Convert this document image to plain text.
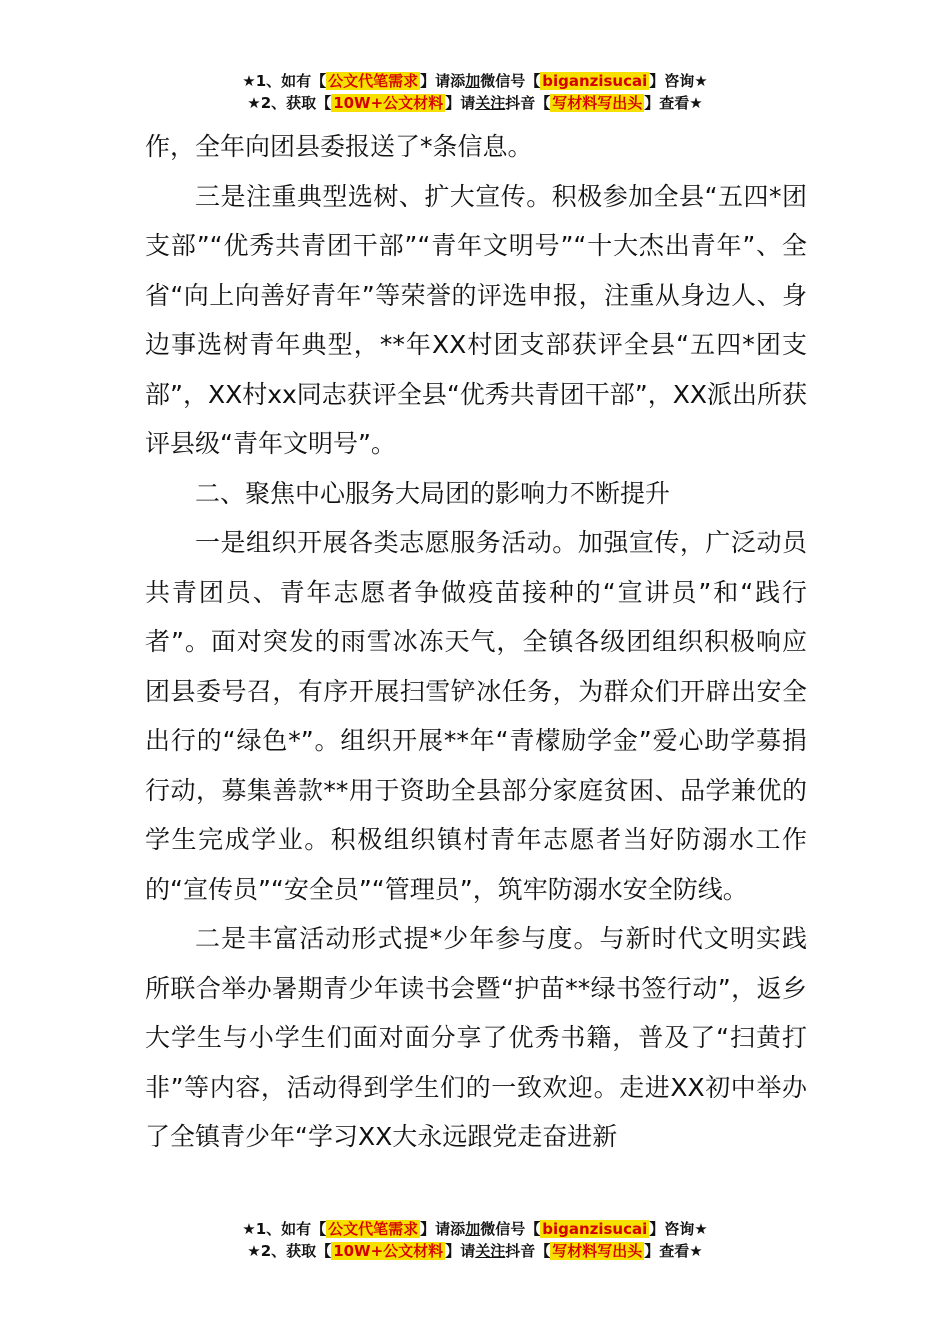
★1、如有【 公文代笔需求 】请添加微信号【 biganzisucai 】咨询★
★2、获取【 10W+公文材料 】请关注抖音【 写材料写出头 】查看★

作，全年向团县委报送了*条信息。

三是注重典型选树、扩大宣传。积极参加全县“五四*团支部”“优秀共青团干部”“青年文明号”“十大杰出青年”、全省“向上向善好青年”等荣誉的评选申报，注重从身边人、身边事选树青年典型，**年XX村团支部获评全县“五四*团支部”，XX村xx同志获评全县“优秀共青团干部”，XX派出所获评县级“青年文明号”。

二、聚焦中心服务大局团的影响力不断提升

一是组织开展各类志愿服务活动。加强宣传，广泛动员共青团员、青年志愿者争做疫苗接种的“宣讲员”和“践行者”。面对突发的雨雪冰冻天气，全镇各级团组织积极响应团县委号召，有序开展扫雪铲冰任务，为群众们开辟出安全出行的“绿色*”。组织开展**年“青檬励学金”爱心助学募捐行动，募集善款**用于资助全县部分家庭贫困、品学兼优的学生完成学业。积极组织镇村青年志愿者当好防溺水工作的“宣传员”“安全员”“管理员”，筑牢防溺水安全防线。

二是丰富活动形式提*少年参与度。与新时代文明实践所联合举办暑期青少年读书会暨“护苗**绿书签行动”，返乡大学生与小学生们面对面分享了优秀书籍，普及了“扫黄打非”等内容，活动得到学生们的一致欢迎。走进XX初中举办了全镇青少年“学习XX大永远跟党走奋进新

★1、如有【 公文代笔需求 】请添加微信号【 biganzisucai 】咨询★
★2、获取【 10W+公文材料 】请关注抖音【 写材料写出头 】查看★
